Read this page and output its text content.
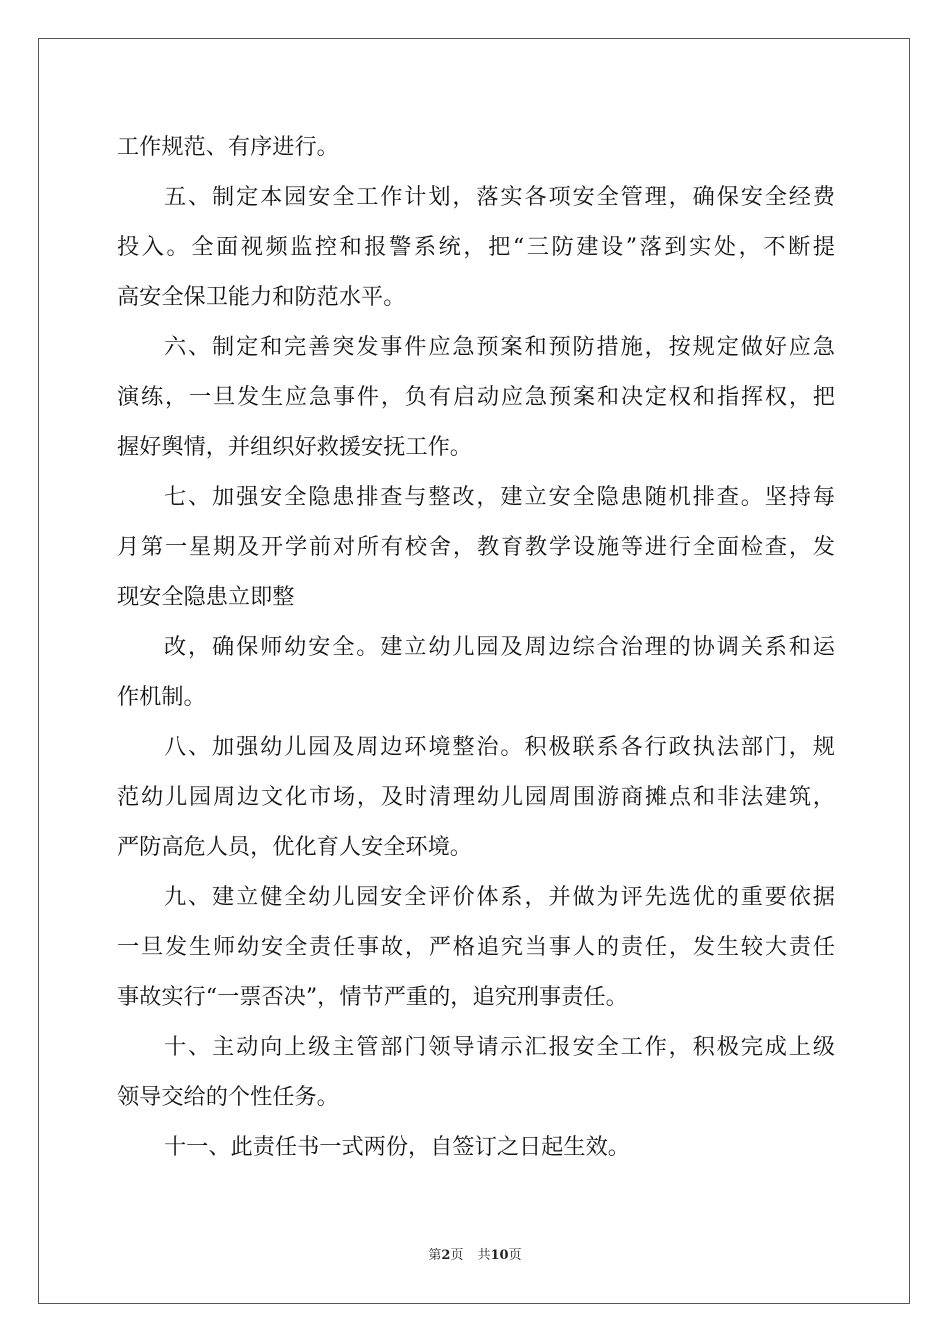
工作规范、有序进行。
五、制定本园安全工作计划，落实各项安全管理，确保安全经费
投入。全面视频监控和报警系统，把“三防建设”落到实处，不断提
高安全保卫能力和防范水平。
六、制定和完善突发事件应急预案和预防措施，按规定做好应急
演练，一旦发生应急事件，负有启动应急预案和决定权和指挥权，把
握好舆情，并组织好救援安抚工作。
七、加强安全隐患排查与整改，建立安全隐患随机排查。坚持每
月第一星期及开学前对所有校舍，教育教学设施等进行全面检查，发
现安全隐患立即整
改，确保师幼安全。建立幼儿园及周边综合治理的协调关系和运
作机制。
八、加强幼儿园及周边环境整治。积极联系各行政执法部门，规
范幼儿园周边文化市场，及时清理幼儿园周围游商摊点和非法建筑，
严防高危人员，优化育人安全环境。
九、建立健全幼儿园安全评价体系，并做为评先选优的重要依据
一旦发生师幼安全责任事故，严格追究当事人的责任，发生较大责任
事故实行“一票否决”，情节严重的，追究刑事责任。
十、主动向上级主管部门领导请示汇报安全工作，积极完成上级
领导交给的个性任务。
十一、此责任书一式两份，自签订之日起生效。
第2页 共10页
